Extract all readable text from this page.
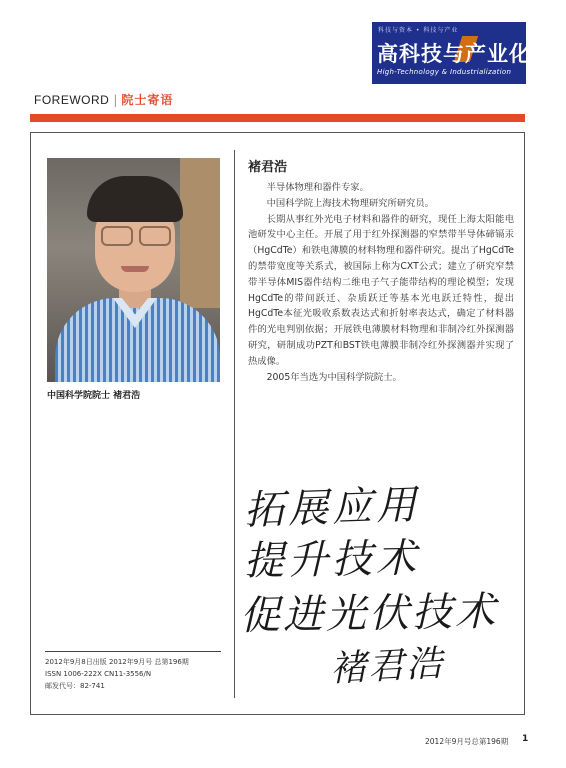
科技与资本 • 科技与产业
高科技与产业化
High-Technology & Industrialization
FOREWORD | 院士寄语
中国科学院院士 褚君浩
褚君浩

半导体物理和器件专家。

中国科学院上海技术物理研究所研究员。

长期从事红外光电子材料和器件的研究，现任上海太阳能电池研发中心主任。开展了用于红外探测器的窄禁带半导体碲镉汞（HgCdTe）和铁电薄膜的材料物理和器件研究。提出了HgCdTe的禁带宽度等关系式，被国际上称为CXT公式；建立了研究窄禁带半导体MIS器件结构二维电子气子能带结构的理论模型；发现HgCdTe的带间跃迁、杂质跃迁等基本光电跃迁特性，提出HgCdTe本征光吸收系数表达式和折射率表达式，确定了材料器件的光电判别依据；开展铁电薄膜材料物理和非制冷红外探测器研究，研制成功PZT和BST铁电薄膜非制冷红外探测器并实现了热成像。

2005年当选为中国科学院院士。

拓展应用
提升技术
促进光伏技术
褚君浩
2012年9月8日出版 2012年9月号 总第196期
ISSN 1006-222X CN11-3556/N
邮发代号：82-741
2012年9月号总第196期 1
